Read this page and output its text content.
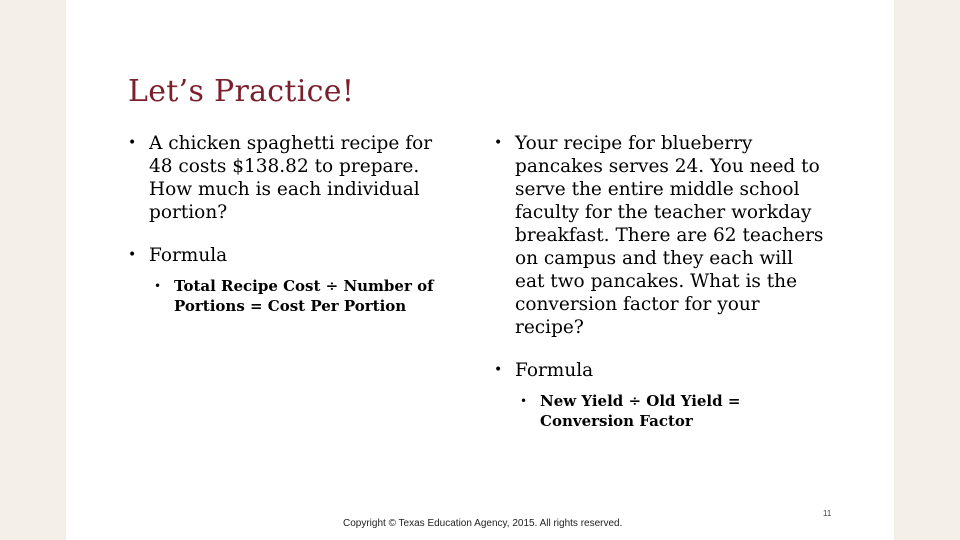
Let’s Practice!
• A chicken spaghetti recipe for 48 costs $138.82 to prepare. How much is each individual portion?
• Formula
• Total Recipe Cost ÷ Number of Portions = Cost Per Portion
• Your recipe for blueberry pancakes serves 24. You need to serve the entire middle school faculty for the teacher workday breakfast. There are 62 teachers on campus and they each will eat two pancakes. What is the conversion factor for your recipe?
• Formula
• New Yield ÷ Old Yield = Conversion Factor
Copyright © Texas Education Agency, 2015. All rights reserved.
11
